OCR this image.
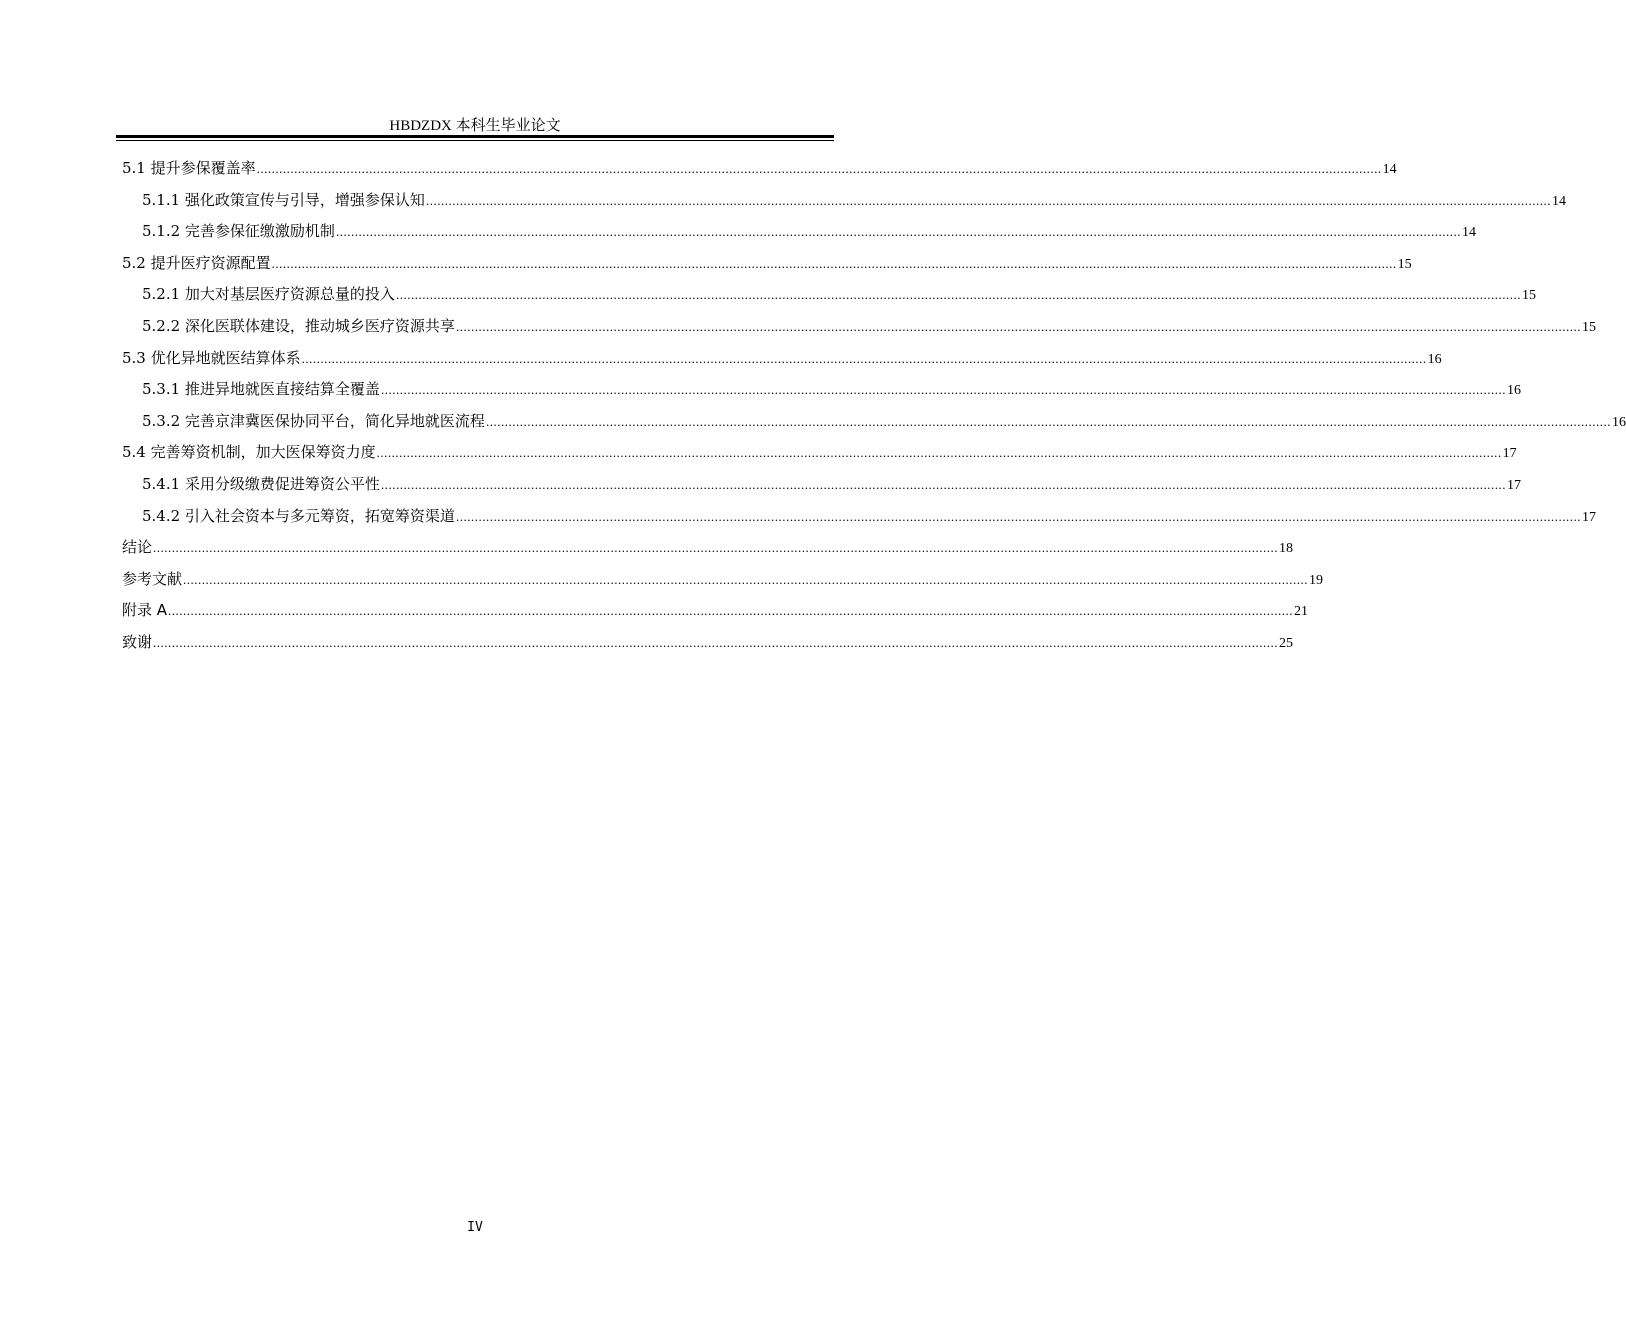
HBDZDX 本科生毕业论文
5.1 提升参保覆盖率 ............................................................................................................................................................................................................................................................................................................ 14
5.1.1 强化政策宣传与引导，增强参保认知 ............................................................................................................................................................................................................................................................................................................ 14
5.1.2 完善参保征缴激励机制 ............................................................................................................................................................................................................................................................................................................ 14
5.2 提升医疗资源配置 ............................................................................................................................................................................................................................................................................................................ 15
5.2.1 加大对基层医疗资源总量的投入 ............................................................................................................................................................................................................................................................................................................ 15
5.2.2 深化医联体建设，推动城乡医疗资源共享 ............................................................................................................................................................................................................................................................................................................ 15
5.3 优化异地就医结算体系 ............................................................................................................................................................................................................................................................................................................ 16
5.3.1 推进异地就医直接结算全覆盖 ............................................................................................................................................................................................................................................................................................................ 16
5.3.2 完善京津冀医保协同平台，简化异地就医流程 ............................................................................................................................................................................................................................................................................................................ 16
5.4 完善筹资机制，加大医保筹资力度 ............................................................................................................................................................................................................................................................................................................ 17
5.4.1 采用分级缴费促进筹资公平性 ............................................................................................................................................................................................................................................................................................................ 17
5.4.2 引入社会资本与多元筹资，拓宽筹资渠道 ............................................................................................................................................................................................................................................................................................................ 17
结论 ............................................................................................................................................................................................................................................................................................................ 18
参考文献 ............................................................................................................................................................................................................................................................................................................ 19
附录 A ............................................................................................................................................................................................................................................................................................................ 21
致谢 ............................................................................................................................................................................................................................................................................................................ 25
IV
